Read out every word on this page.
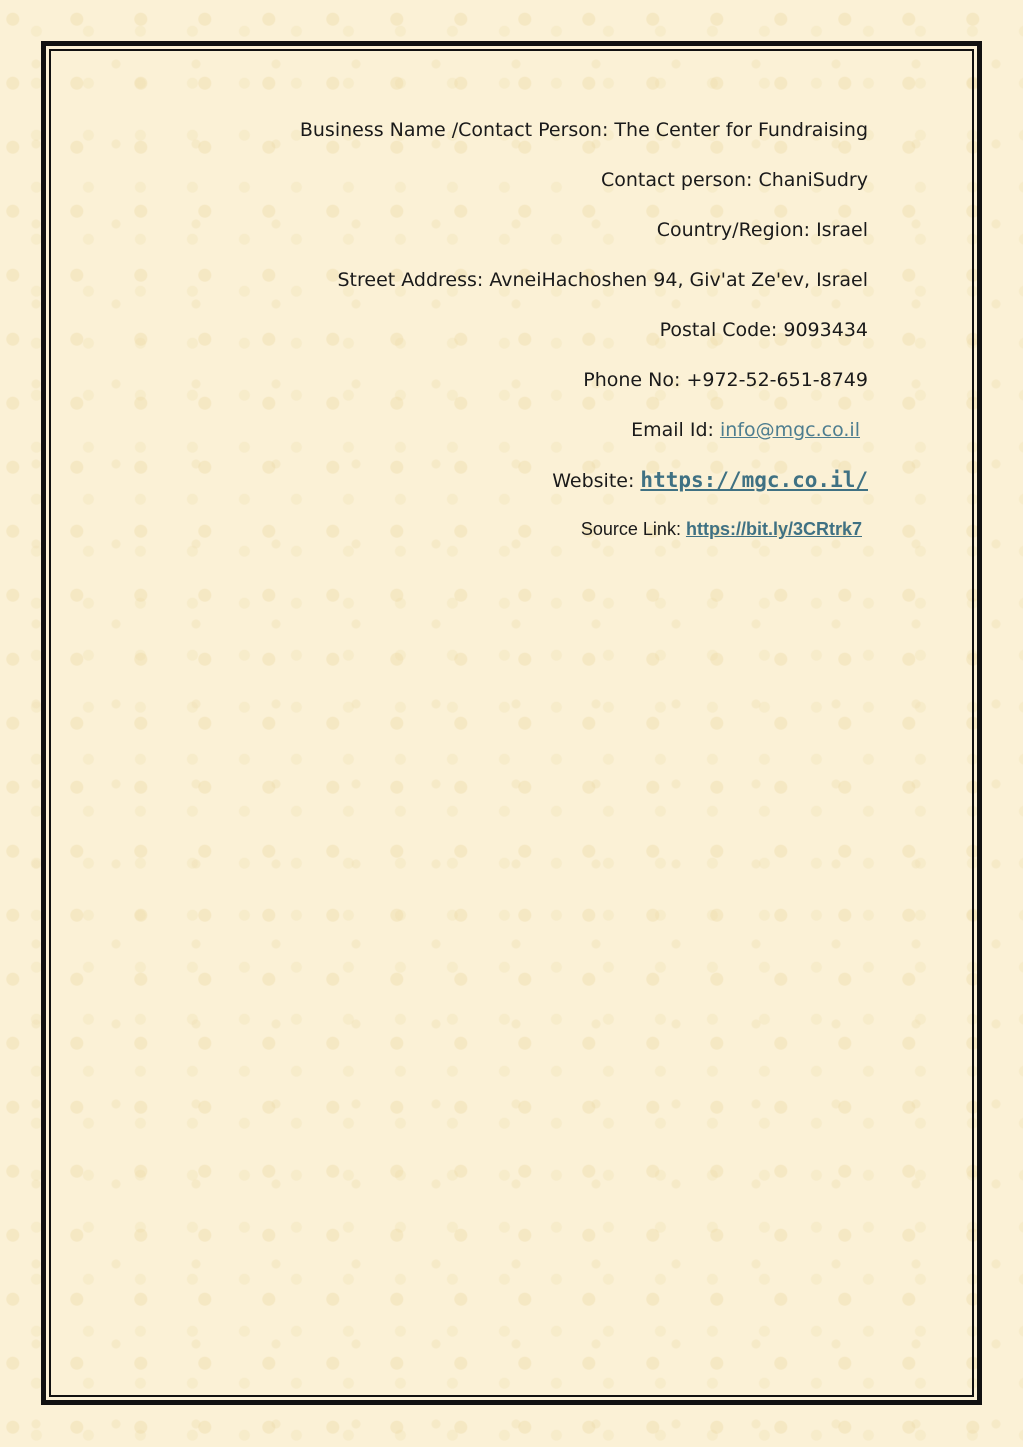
Business Name /Contact Person: The Center for Fundraising
Contact person: ChaniSudry
Country/Region: Israel
Street Address: AvneiHachoshen 94, Giv'at Ze'ev, Israel
Postal Code: 9093434
Phone No: +972-52-651-8749
Email Id: info@mgc.co.il
Website: https://mgc.co.il/
Source Link: https://bit.ly/3CRtrk7
